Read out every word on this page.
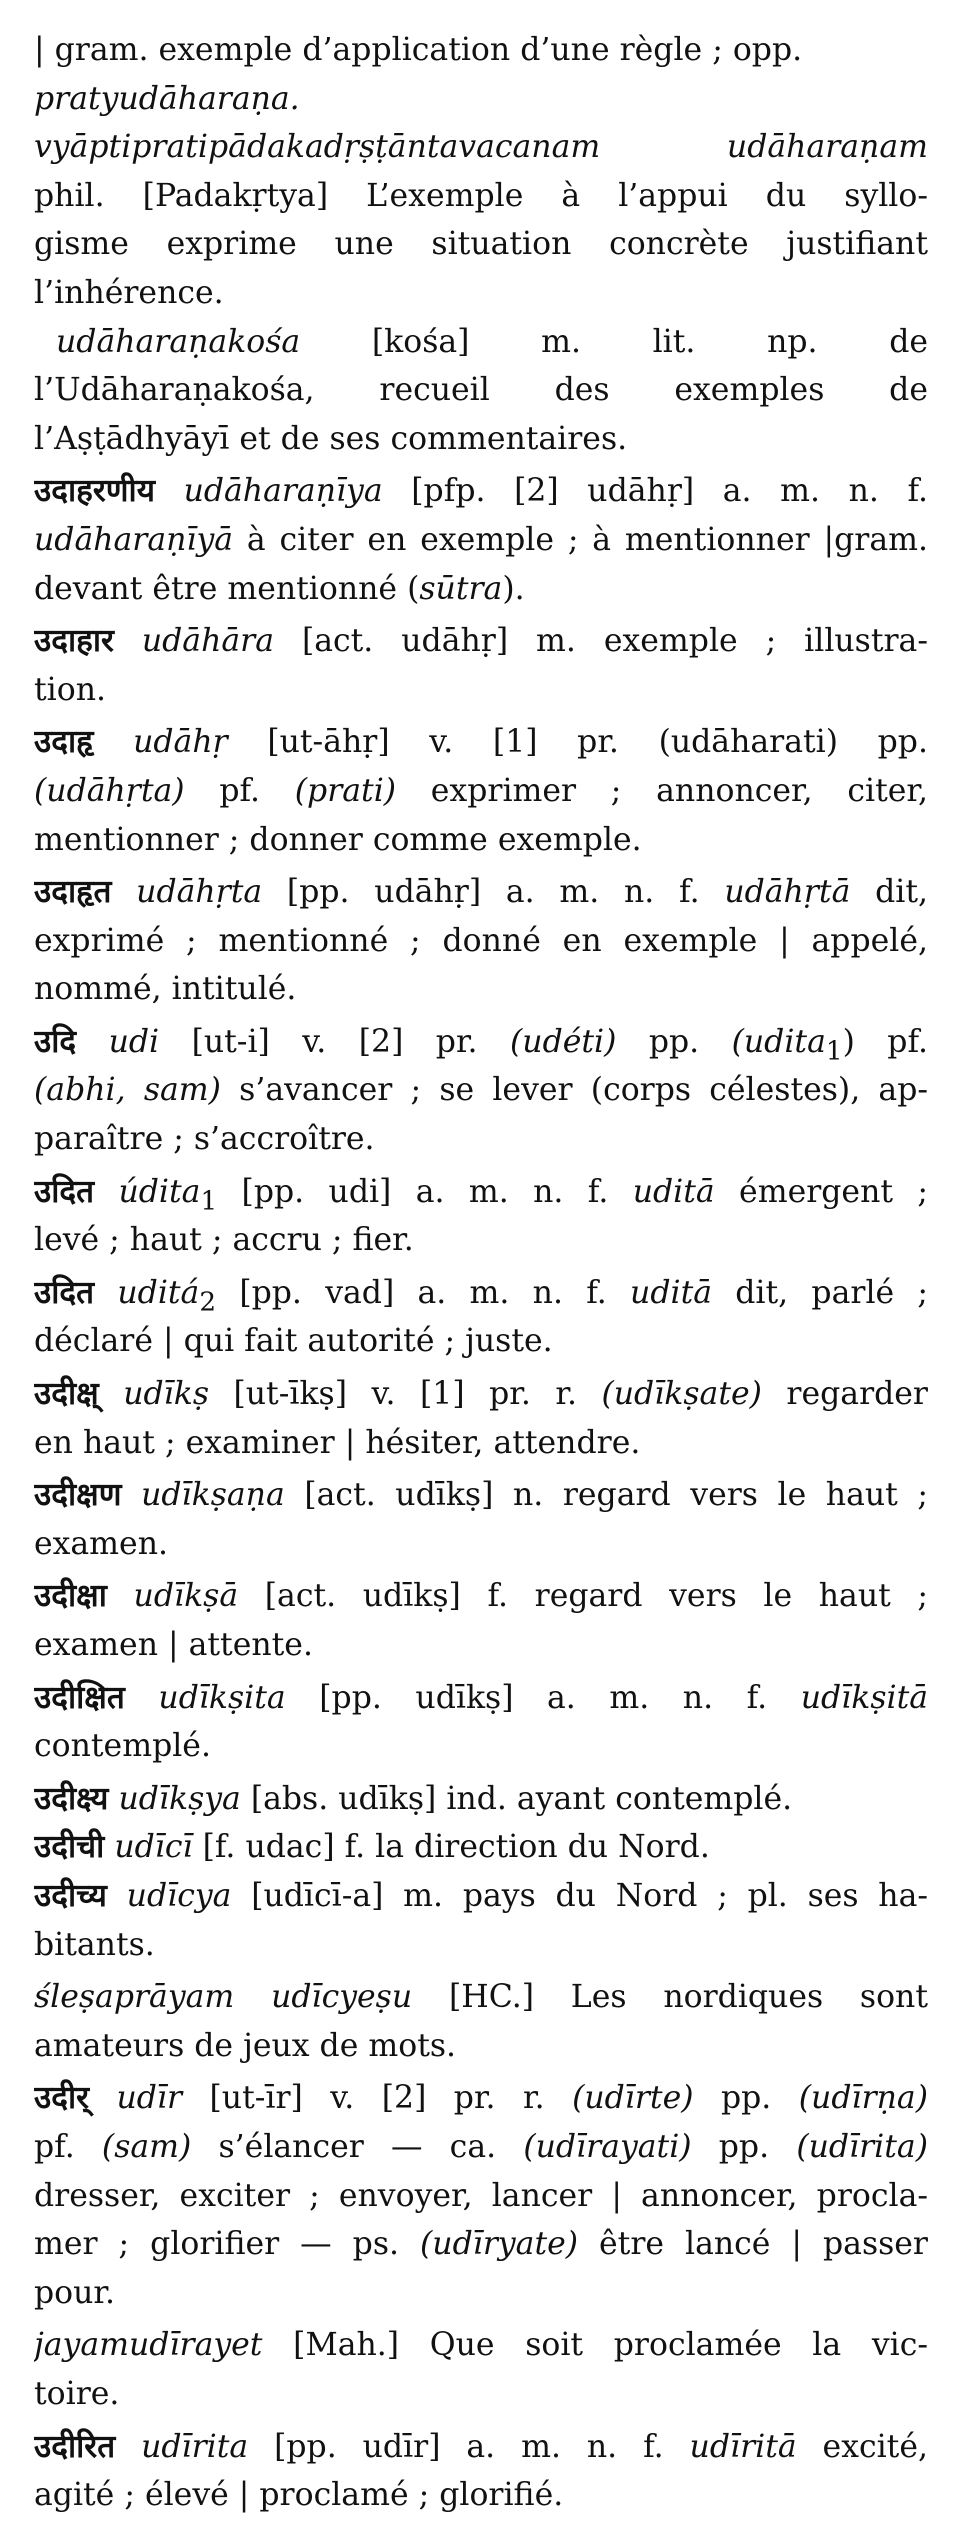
| gram. exemple d’application d’une règle ; opp.
pratyudāharaṇa.
vyāptipratipādakadṛṣṭāntavacanam udāharaṇam
phil. [Padakṛtya] L’exemple à l’appui du syllo-
gisme exprime une situation concrète justifiant
l’inhérence.
udāharaṇakośa [kośa] m. lit. np. de
l’Udāharaṇakośa, recueil des exemples de
l’Aṣṭādhyāyī et de ses commentaires.
उदाहरणीय udāharaṇīya [pfp. [2] udāhṛ] a. m. n. f.
udāharaṇīyā à citer en exemple ; à mentionner |gram.
devant être mentionné (sūtra).
उदाहार udāhāra [act. udāhṛ] m. exemple ; illustra-
tion.
उदाहृ udāhṛ [ut-āhṛ] v. [1] pr. (udāharati) pp.
(udāhṛta) pf. (prati) exprimer ; annoncer, citer,
mentionner ; donner comme exemple.
उदाहृत udāhṛta [pp. udāhṛ] a. m. n. f. udāhṛtā dit,
exprimé ; mentionné ; donné en exemple | appelé,
nommé, intitulé.
उदि udi [ut-i] v. [2] pr. (udéti) pp. (udita$_1$) pf.
(abhi, sam) s’avancer ; se lever (corps célestes), ap-
paraître ; s’accroître.
उदित údita$_1$ [pp. udi] a. m. n. f. uditā émergent ;
levé ; haut ; accru ; fier.
उदित uditá$_2$ [pp. vad] a. m. n. f. uditā dit, parlé ;
déclaré | qui fait autorité ; juste.
उदीक्ष् udīkṣ [ut-īkṣ] v. [1] pr. r. (udīkṣate) regarder
en haut ; examiner | hésiter, attendre.
उदीक्षण udīkṣaṇa [act. udīkṣ] n. regard vers le haut ;
examen.
उदीक्षा udīkṣā [act. udīkṣ] f. regard vers le haut ;
examen | attente.
उदीक्षित udīkṣita [pp. udīkṣ] a. m. n. f. udīkṣitā
contemplé.
उदीक्ष्य udīkṣya [abs. udīkṣ] ind. ayant contemplé.
उदीची udīcī [f. udac] f. la direction du Nord.
उदीच्य udīcya [udīcī-a] m. pays du Nord ; pl. ses ha-
bitants.
śleṣaprāyam udīcyeṣu [HC.] Les nordiques sont
amateurs de jeux de mots.
उदीर् udīr [ut-īr] v. [2] pr. r. (udīrte) pp. (udīrṇa)
pf. (sam) s’élancer — ca. (udīrayati) pp. (udīrita)
dresser, exciter ; envoyer, lancer | annoncer, procla-
mer ; glorifier — ps. (udīryate) être lancé | passer
pour.
jayamudīrayet [Mah.] Que soit proclamée la vic-
toire.
उदीरित udīrita [pp. udīr] a. m. n. f. udīritā excité,
agité ; élevé | proclamé ; glorifié.
